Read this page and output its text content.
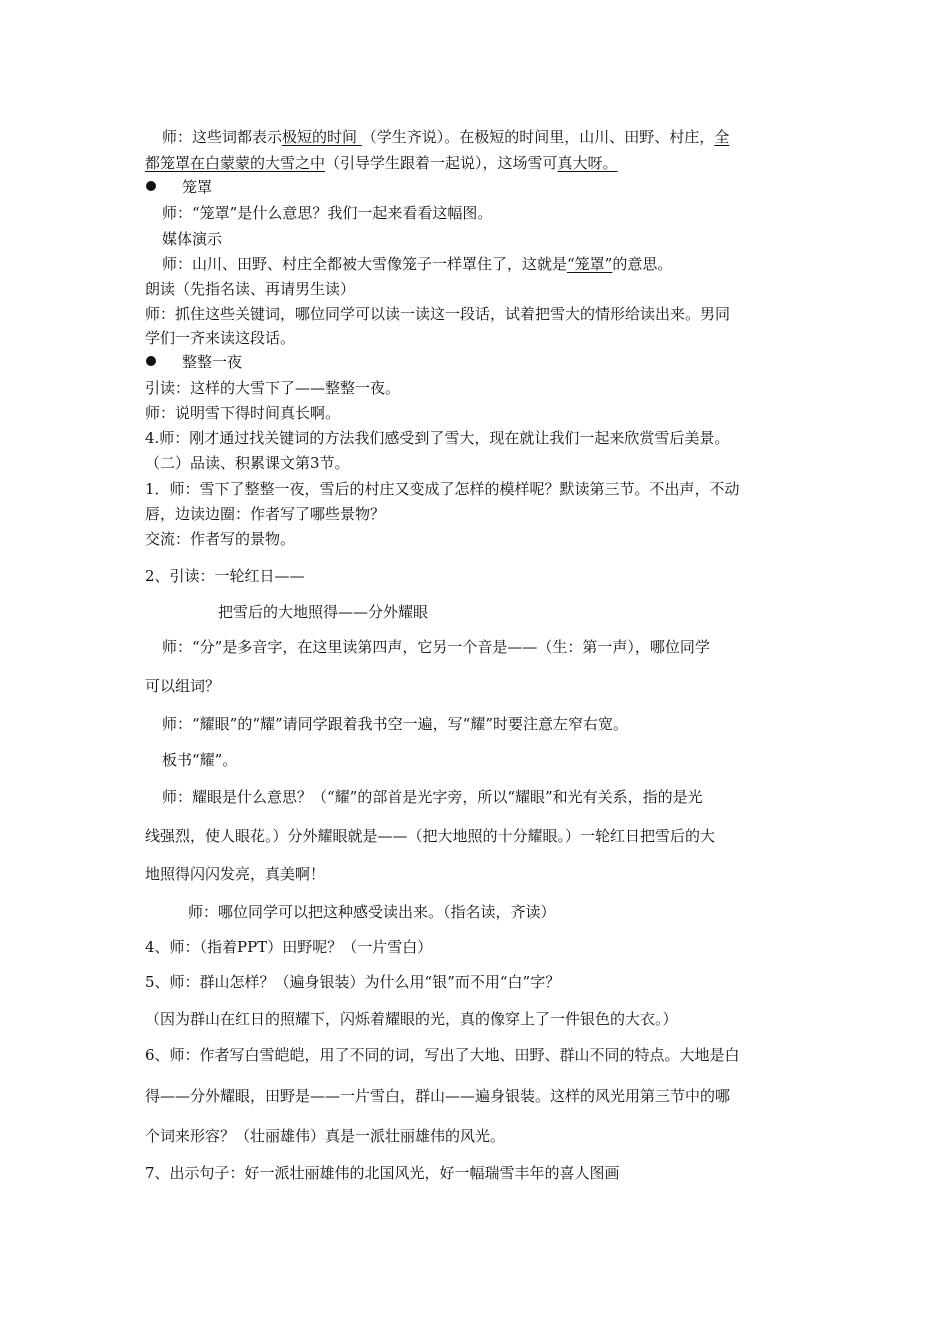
师：这些词都表示极短的时间 （学生齐说）。在极短的时间里，山川、田野、村庄，全
都笼罩在白蒙蒙的大雪之中（引导学生跟着一起说），这场雪可真大呀。
笼罩
师：“笼罩”是什么意思？我们一起来看看这幅图。
媒体演示
师：山川、田野、村庄全都被大雪像笼子一样罩住了，这就是“笼罩”的意思。
朗读（先指名读、再请男生读）
师：抓住这些关键词，哪位同学可以读一读这一段话，试着把雪大的情形给读出来。男同
学们一齐来读这段话。
整整一夜
引读：这样的大雪下了——整整一夜。
师：说明雪下得时间真长啊。
4.师：刚才通过找关键词的方法我们感受到了雪大，现在就让我们一起来欣赏雪后美景。
（二）品读、积累课文第3节。
1．师：雪下了整整一夜，雪后的村庄又变成了怎样的模样呢？默读第三节。不出声，不动
唇，边读边圈：作者写了哪些景物？
交流：作者写的景物。
2、引读：一轮红日——
把雪后的大地照得——分外耀眼
师：“分”是多音字，在这里读第四声，它另一个音是——（生：第一声），哪位同学
可以组词？
师：“耀眼”的“耀”请同学跟着我书空一遍，写“耀”时要注意左窄右宽。
板书“耀”。
师：耀眼是什么意思？（“耀”的部首是光字旁，所以“耀眼”和光有关系，指的是光
线强烈，使人眼花。）分外耀眼就是——（把大地照的十分耀眼。）一轮红日把雪后的大
地照得闪闪发亮，真美啊！
师：哪位同学可以把这种感受读出来。（指名读，齐读）
4、师：（指着PPT）田野呢？（一片雪白）
5、师：群山怎样？（遍身银装）为什么用“银”而不用“白”字？
（因为群山在红日的照耀下，闪烁着耀眼的光，真的像穿上了一件银色的大衣。）
6、师：作者写白雪皑皑，用了不同的词，写出了大地、田野、群山不同的特点。大地是白
得——分外耀眼，田野是——一片雪白，群山——遍身银装。这样的风光用第三节中的哪
个词来形容？（壮丽雄伟）真是一派壮丽雄伟的风光。
7、出示句子：好一派壮丽雄伟的北国风光，好一幅瑞雪丰年的喜人图画
